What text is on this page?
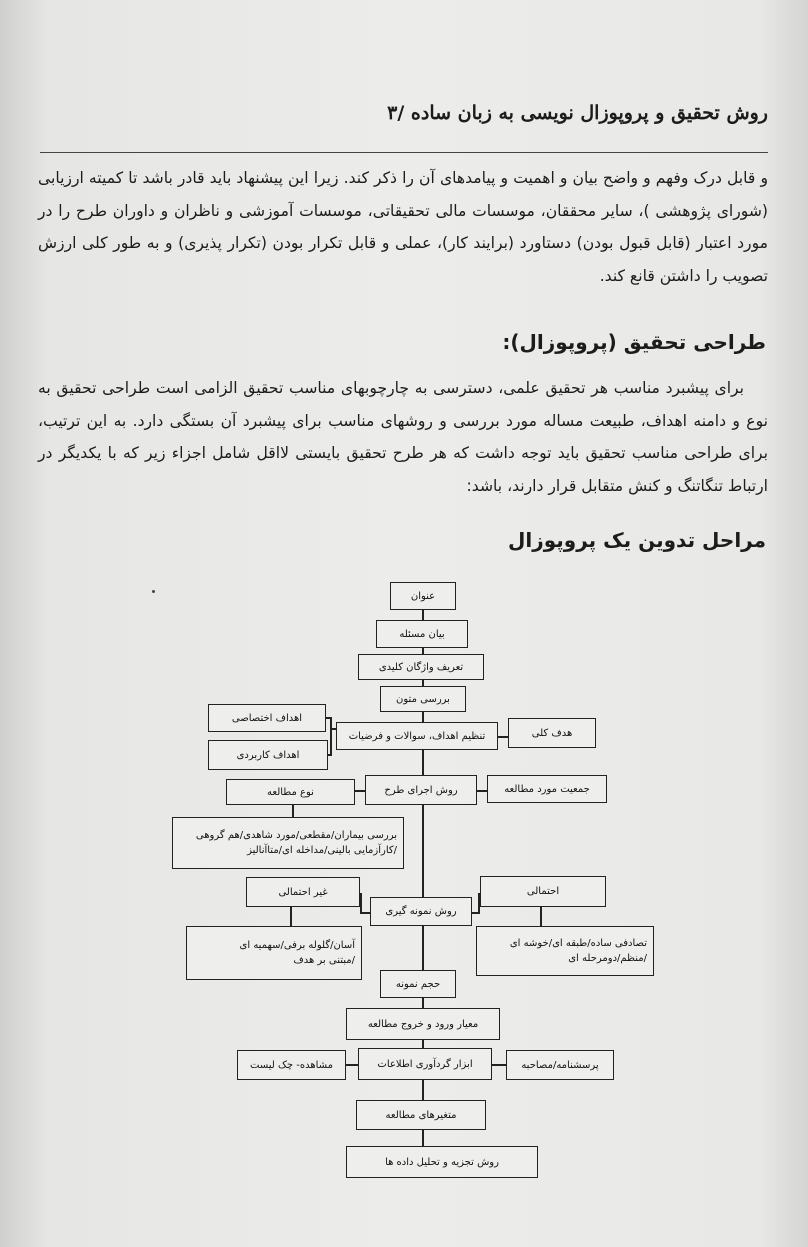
روش تحقیق و پروپوزال نویسی به زبان ساده /۳
و قابل درک وفهم و واضح بیان و اهمیت و پیامدهای آن را ذکر کند. زیرا این پیشنهاد باید قادر باشد تا کمیته ارزیابی (شورای پژوهشی )، سایر محققان، موسسات مالی تحقیقاتی، موسسات آموزشی و ناظران و داوران طرح را در مورد اعتبار (قابل قبول بودن) دستاورد (برایند کار)، عملی و قابل تکرار بودن (تکرار پذیری) و به طور کلی ارزش تصویب را داشتن قانع کند.
طراحی تحقیق (پروپوزال):
برای پیشبرد مناسب هر تحقیق علمی، دسترسی به چارچوبهای مناسب تحقیق الزامی است طراحی تحقیق به نوع و دامنه اهداف، طبیعت مساله مورد بررسی و روشهای مناسب برای پیشبرد آن بستگی دارد. به این ترتیب، برای طراحی مناسب تحقیق باید توجه داشت که هر طرح تحقیق بایستی لااقل شامل اجزاء زیر که با یکدیگر در ارتباط تنگاتنگ و کنش متقابل قرار دارند، باشد:
مراحل تدوین یک پروپوزال
عنوان
بیان مسئله
تعریف واژگان کلیدی
بررسی متون
تنظیم اهداف، سوالات و فرضیات
اهداف اختصاصی
اهداف کاربردی
هدف کلی
روش اجرای طرح
نوع مطالعه	جمعیت مورد مطالعه
بررسی بیماران/مقطعی/مورد شاهدی/هم گروهی
/کارآزمایی بالینی/مداخله ای/متاآنالیز
غیر احتمالی	احتمالی
روش نمونه گیری
آسان/گلوله برفی/سهمیه ای
/مبتنی بر هدف
تصادفی ساده/طبقه ای/خوشه ای
/منظم/دومرحله ای
حجم نمونه
معیار ورود و خروج مطالعه
ابزار گردآوری اطلاعات
مشاهده- چک لیست	پرسشنامه/مصاحبه
متغیرهای مطالعه
روش تجزیه و تحلیل داده ها
